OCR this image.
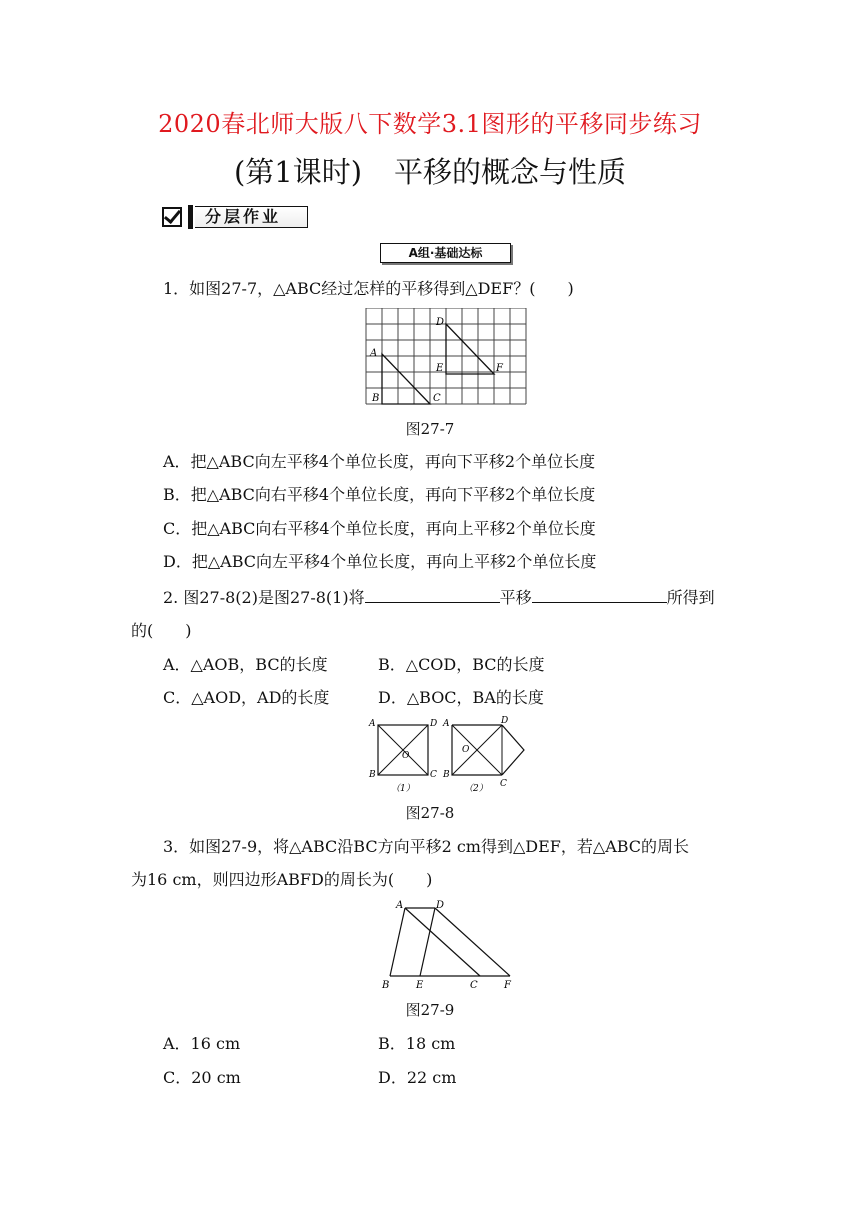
2020春北师大版八下数学3.1图形的平移同步练习
(第1课时) 平移的概念与性质
分层作业
A组·基础达标
1．如图27-7，△ABC经过怎样的平移得到△DEF？(　　)
A
B	C
D
E	F
图27-7
A．把△ABC向左平移4个单位长度，再向下平移2个单位长度
B．把△ABC向右平移4个单位长度，再向下平移2个单位长度
C．把△ABC向右平移4个单位长度，再向上平移2个单位长度
D．把△ABC向左平移4个单位长度，再向上平移2个单位长度
2. 图27-8(2)是图27-8(1)将	平移	所得到
的(　　)
A．△AOB，BC的长度	B．△COD，BC的长度
C．△AOD，AD的长度	D．△BOC，BA的长度
A
B	C
D
O
（1）
A
B
C
D
O
（2）
图27-8
3．如图27-9，将△ABC沿BC方向平移2 cm得到△DEF，若△ABC的周长
为16 cm，则四边形ABFD的周长为(　　)
A
B	C
D
E	F
图27-9
A．16 cm	B．18 cm
C．20 cm	D．22 cm
